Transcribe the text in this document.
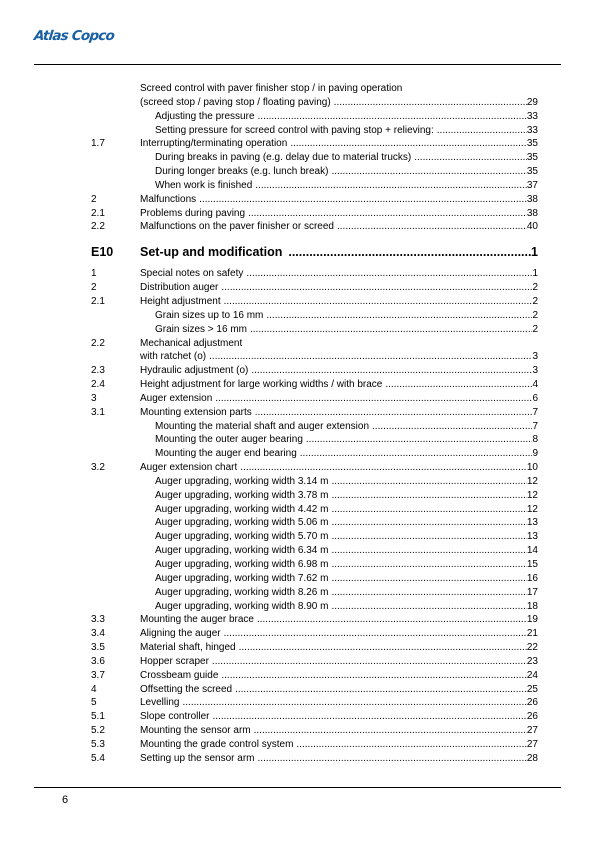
Atlas Copco
Screed control with paver finisher stop / in paving operation
(screed stop / paving stop / floating paving) .....	29
Adjusting the pressure .....	33
Setting pressure for screed control with paving stop + relieving: .....	33
1.7	Interrupting/terminating operation .....	35
During breaks in paving (e.g. delay due to material trucks) .....	35
During longer breaks (e.g. lunch break) .....	35
When work is finished .....	37
2	Malfunctions .....	38
2.1	Problems during paving .....	38
2.2	Malfunctions on the paver finisher or screed .....	40
E10 Set-up and modification .....	1
1	Special notes on safety .....	1
2	Distribution auger .....	2
2.1	Height adjustment .....	2
Grain sizes up to 16 mm .....	2
Grain sizes > 16 mm .....	2
2.2	Mechanical adjustment
with ratchet (o) .....	3
2.3	Hydraulic adjustment (o) .....	3
2.4	Height adjustment for large working widths / with brace .....	4
3	Auger extension .....	6
3.1	Mounting extension parts .....	7
Mounting the material shaft and auger extension .....	7
Mounting the outer auger bearing .....	8
Mounting the auger end bearing .....	9
3.2	Auger extension chart .....	10
Auger upgrading, working width 3.14 m .....	12
Auger upgrading, working width 3.78 m .....	12
Auger upgrading, working width 4.42 m .....	12
Auger upgrading, working width 5.06 m .....	13
Auger upgrading, working width 5.70 m .....	13
Auger upgrading, working width 6.34 m .....	14
Auger upgrading, working width 6.98 m .....	15
Auger upgrading, working width 7.62 m .....	16
Auger upgrading, working width 8.26 m .....	17
Auger upgrading, working width 8.90 m .....	18
3.3	Mounting the auger brace .....	19
3.4	Aligning the auger .....	21
3.5	Material shaft, hinged .....	22
3.6	Hopper scraper .....	23
3.7	Crossbeam guide .....	24
4	Offsetting the screed .....	25
5	Levelling .....	26
5.1	Slope controller .....	26
5.2	Mounting the sensor arm .....	27
5.3	Mounting the grade control system .....	27
5.4	Setting up the sensor arm .....	28
6
